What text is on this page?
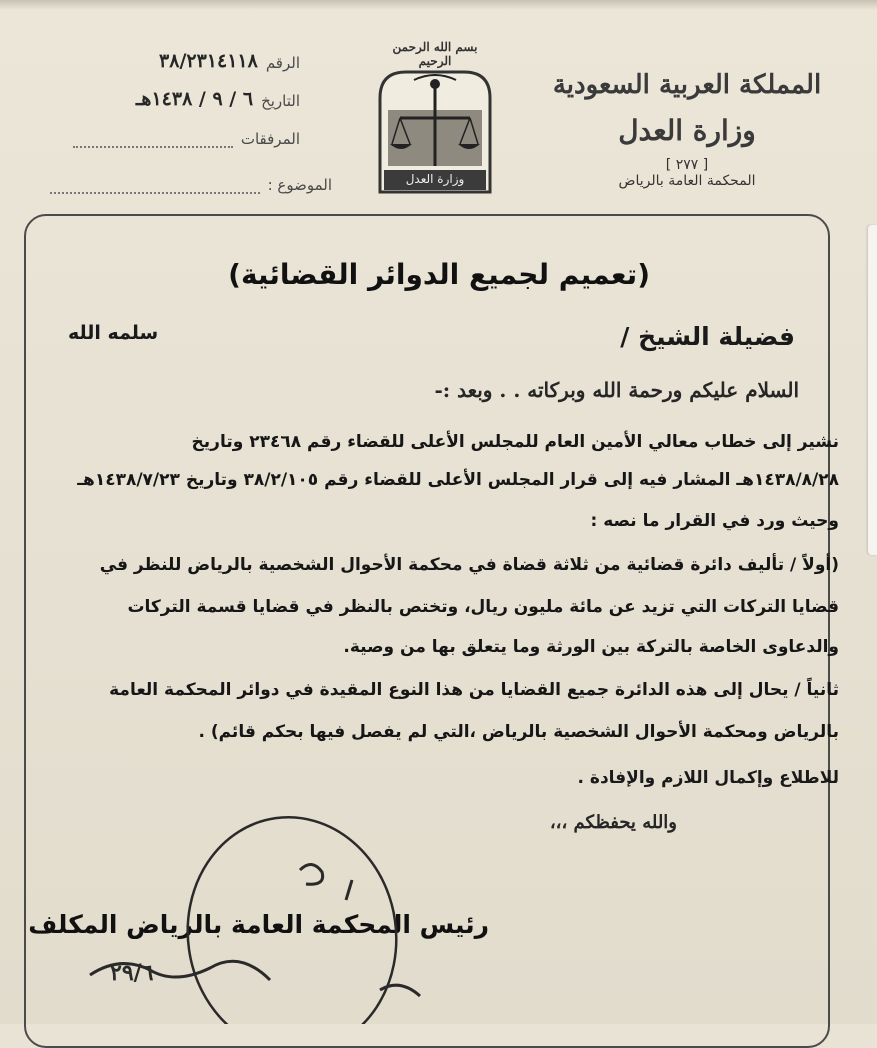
٣٨/٢٣١٤١١٨ الرقم
٦ / ٩ / ١٤٣٨هـ التاريخ
المرفقات
الموضوع :
بسم الله الرحمن الرحيم
وزارة العدل
المملكة العربية السعودية
وزارة العدل
[ ٢٧٧ ]
المحكمة العامة بالرياض
(تعميم لجميع الدوائر القضائية)
فضيلة الشيخ /
سلمه الله
السلام عليكم ورحمة الله وبركاته . . وبعد :-
نشير إلى خطاب معالي الأمين العام للمجلس الأعلى للقضاء رقم ٢٣٤٦٨ وتاريخ
١٤٣٨/٨/٢٨هـ المشار فيه إلى قرار المجلس الأعلى للقضاء رقم ٣٨/٢/١٠٥ وتاريخ ١٤٣٨/٧/٢٣هـ
وحيث ورد في القرار ما نصه :
(أولاً / تأليف دائرة قضائية من ثلاثة قضاة في محكمة الأحوال الشخصية بالرياض للنظر في
قضايا التركات التي تزيد عن مائة مليون ريال، وتختص بالنظر في قضايا قسمة التركات
والدعاوى الخاصة بالتركة بين الورثة وما يتعلق بها من وصية.
ثانياً / يحال إلى هذه الدائرة جميع القضايا من هذا النوع المقيدة في دوائر المحكمة العامة
بالرياض ومحكمة الأحوال الشخصية بالرياض ،التي لم يفصل فيها بحكم قائم) .
للاطلاع وإكمال اللازم والإفادة .
والله يحفظكم ،،،
رئيس المحكمة العامة بالرياض المكلف
٢٩/٦
